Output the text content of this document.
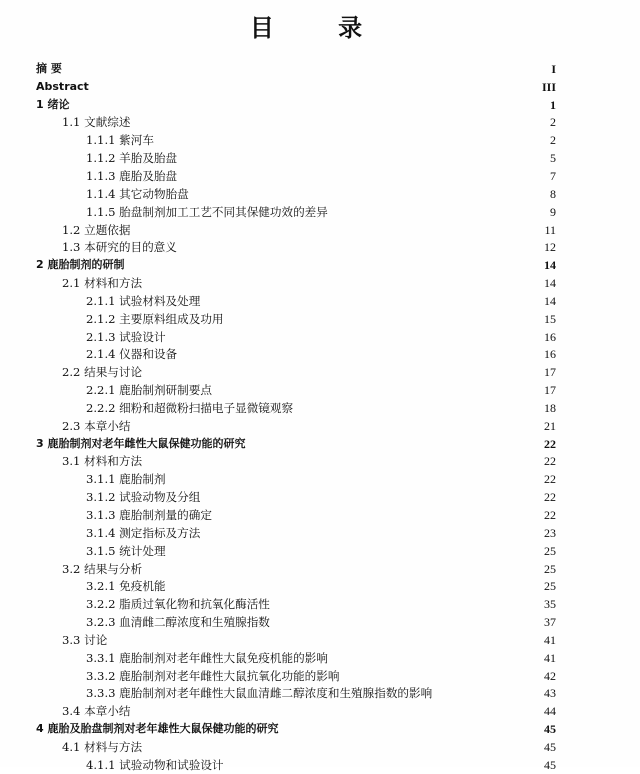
目 录
摘 要	I
Abstract	III
1 绪论	1
1.1 文献综述	2
1.1.1 紫河车	2
1.1.2 羊胎及胎盘	5
1.1.3 鹿胎及胎盘	7
1.1.4 其它动物胎盘	8
1.1.5 胎盘制剂加工工艺不同其保健功效的差异	9
1.2 立题依据	11
1.3 本研究的目的意义	12
2 鹿胎制剂的研制	14
2.1 材料和方法	14
2.1.1 试验材料及处理	14
2.1.2 主要原料组成及功用	15
2.1.3 试验设计	16
2.1.4 仪器和设备	16
2.2 结果与讨论	17
2.2.1 鹿胎制剂研制要点	17
2.2.2 细粉和超微粉扫描电子显微镜观察	18
2.3 本章小结	21
3 鹿胎制剂对老年雌性大鼠保健功能的研究	22
3.1 材料和方法	22
3.1.1 鹿胎制剂	22
3.1.2 试验动物及分组	22
3.1.3 鹿胎制剂量的确定	22
3.1.4 测定指标及方法	23
3.1.5 统计处理	25
3.2 结果与分析	25
3.2.1 免疫机能	25
3.2.2 脂质过氧化物和抗氧化酶活性	35
3.2.3 血清雌二醇浓度和生殖腺指数	37
3.3 讨论	41
3.3.1 鹿胎制剂对老年雌性大鼠免疫机能的影响	41
3.3.2 鹿胎制剂对老年雌性大鼠抗氧化功能的影响	42
3.3.3 鹿胎制剂对老年雌性大鼠血清雌二醇浓度和生殖腺指数的影响	43
3.4 本章小结	44
4 鹿胎及胎盘制剂对老年雄性大鼠保健功能的研究	45
4.1 材料与方法	45
4.1.1 试验动物和试验设计	45
